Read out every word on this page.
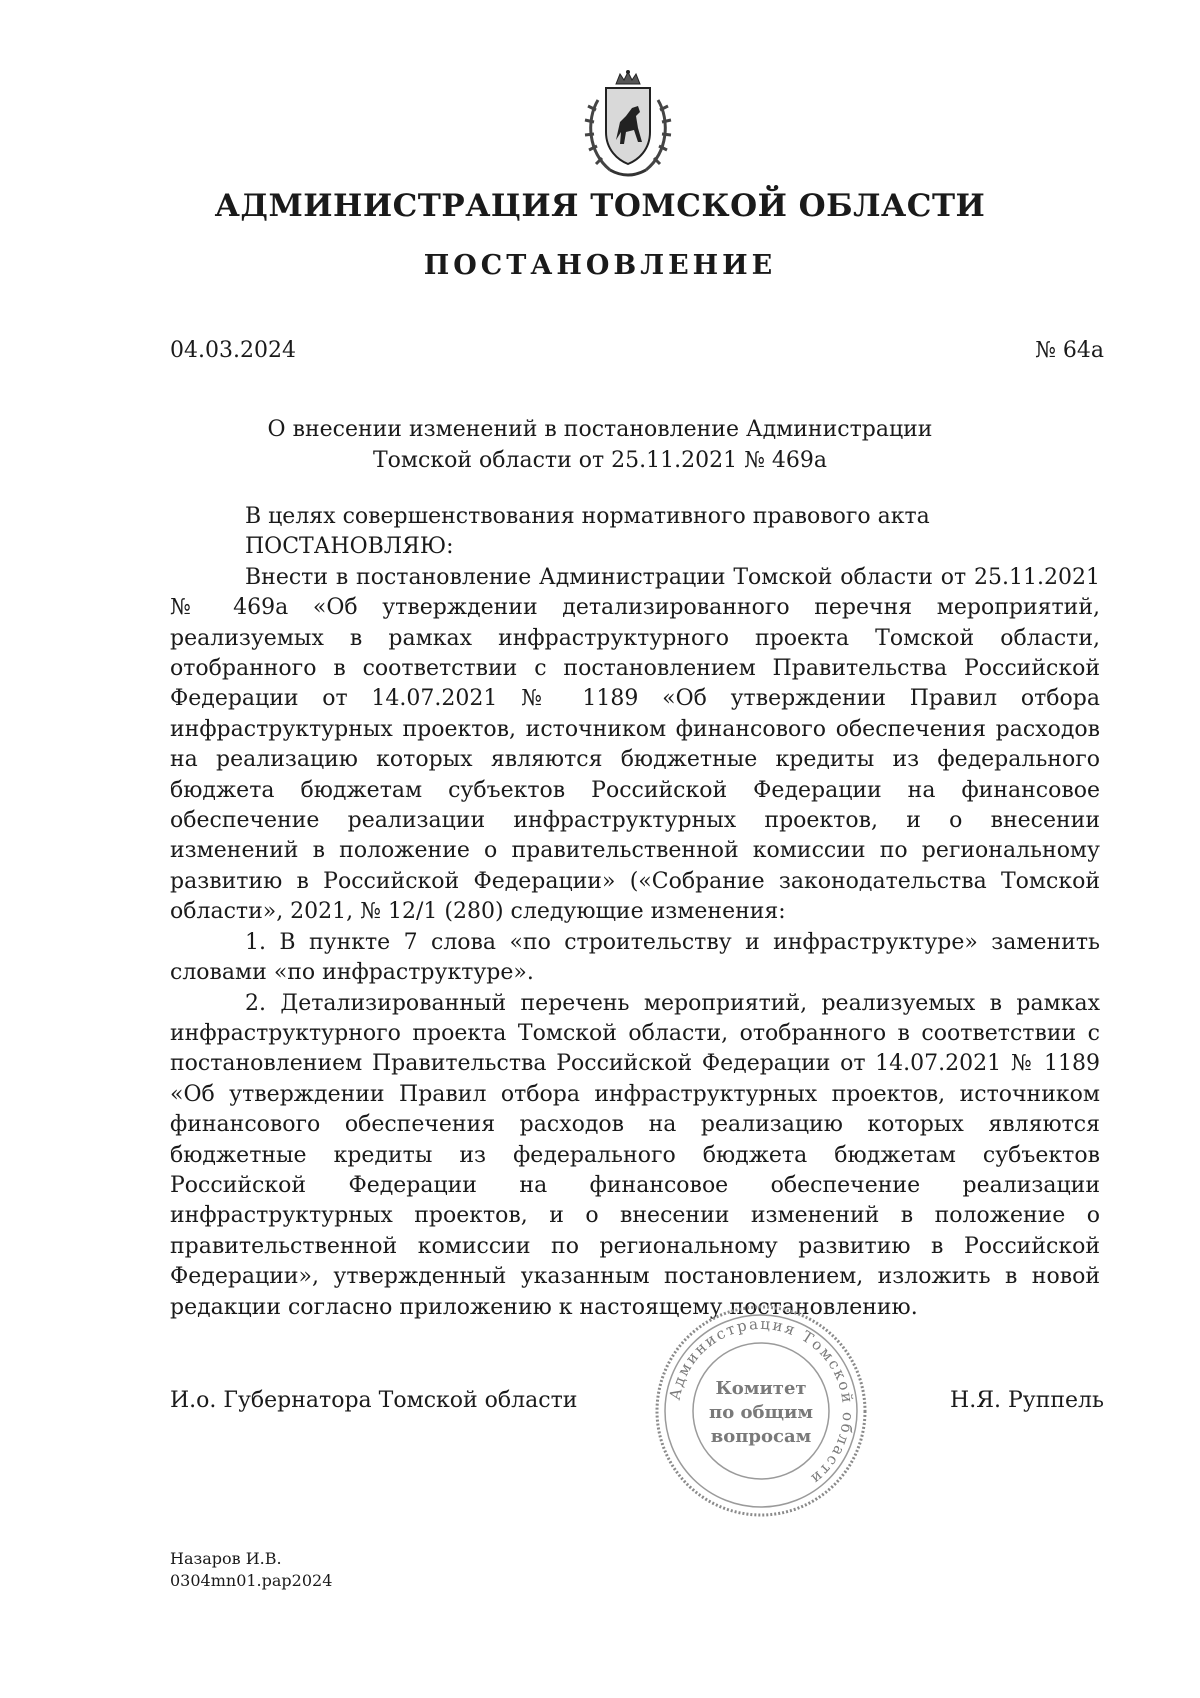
АДМИНИСТРАЦИЯ ТОМСКОЙ ОБЛАСТИ
ПОСТАНОВЛЕНИЕ
04.03.2024	№ 64а
О внесении изменений в постановление Администрации
Томской области от 25.11.2021 № 469а

В целях совершенствования нормативного правового акта

ПОСТАНОВЛЯЮ:

Внести в постановление Администрации Томской области от 25.11.2021 № 469а «Об утверждении детализированного перечня мероприятий, реализуемых в рамках инфраструктурного проекта Томской области, отобранного в соответствии с постановлением Правительства Российской Федерации от 14.07.2021 № 1189 «Об утверждении Правил отбора инфраструктурных проектов, источником финансового обеспечения расходов на реализацию которых являются бюджетные кредиты из федерального бюджета бюджетам субъектов Российской Федерации на финансовое обеспечение реализации инфраструктурных проектов, и о внесении изменений в положение о правительственной комиссии по региональному развитию в Российской Федерации» («Собрание законодательства Томской области», 2021, № 12/1 (280) следующие изменения:

1. В пункте 7 слова «по строительству и инфраструктуре» заменить словами «по инфраструктуре».

2. Детализированный перечень мероприятий, реализуемых в рамках инфраструктурного проекта Томской области, отобранного в соответствии с постановлением Правительства Российской Федерации от 14.07.2021 № 1189 «Об утверждении Правил отбора инфраструктурных проектов, источником финансового обеспечения расходов на реализацию которых являются бюджетные кредиты из федерального бюджета бюджетам субъектов Российской Федерации на финансовое обеспечение реализации инфраструктурных проектов, и о внесении изменений в положение о правительственной комиссии по региональному развитию в Российской Федерации», утвержденный указанным постановлением, изложить в новой редакции согласно приложению к настоящему постановлению.

И.о. Губернатора Томской области	Н.Я. Руппель
Администрация Томской области
Комитет
по общим
вопросам
Назаров И.В.
0304mn01.pap2024
